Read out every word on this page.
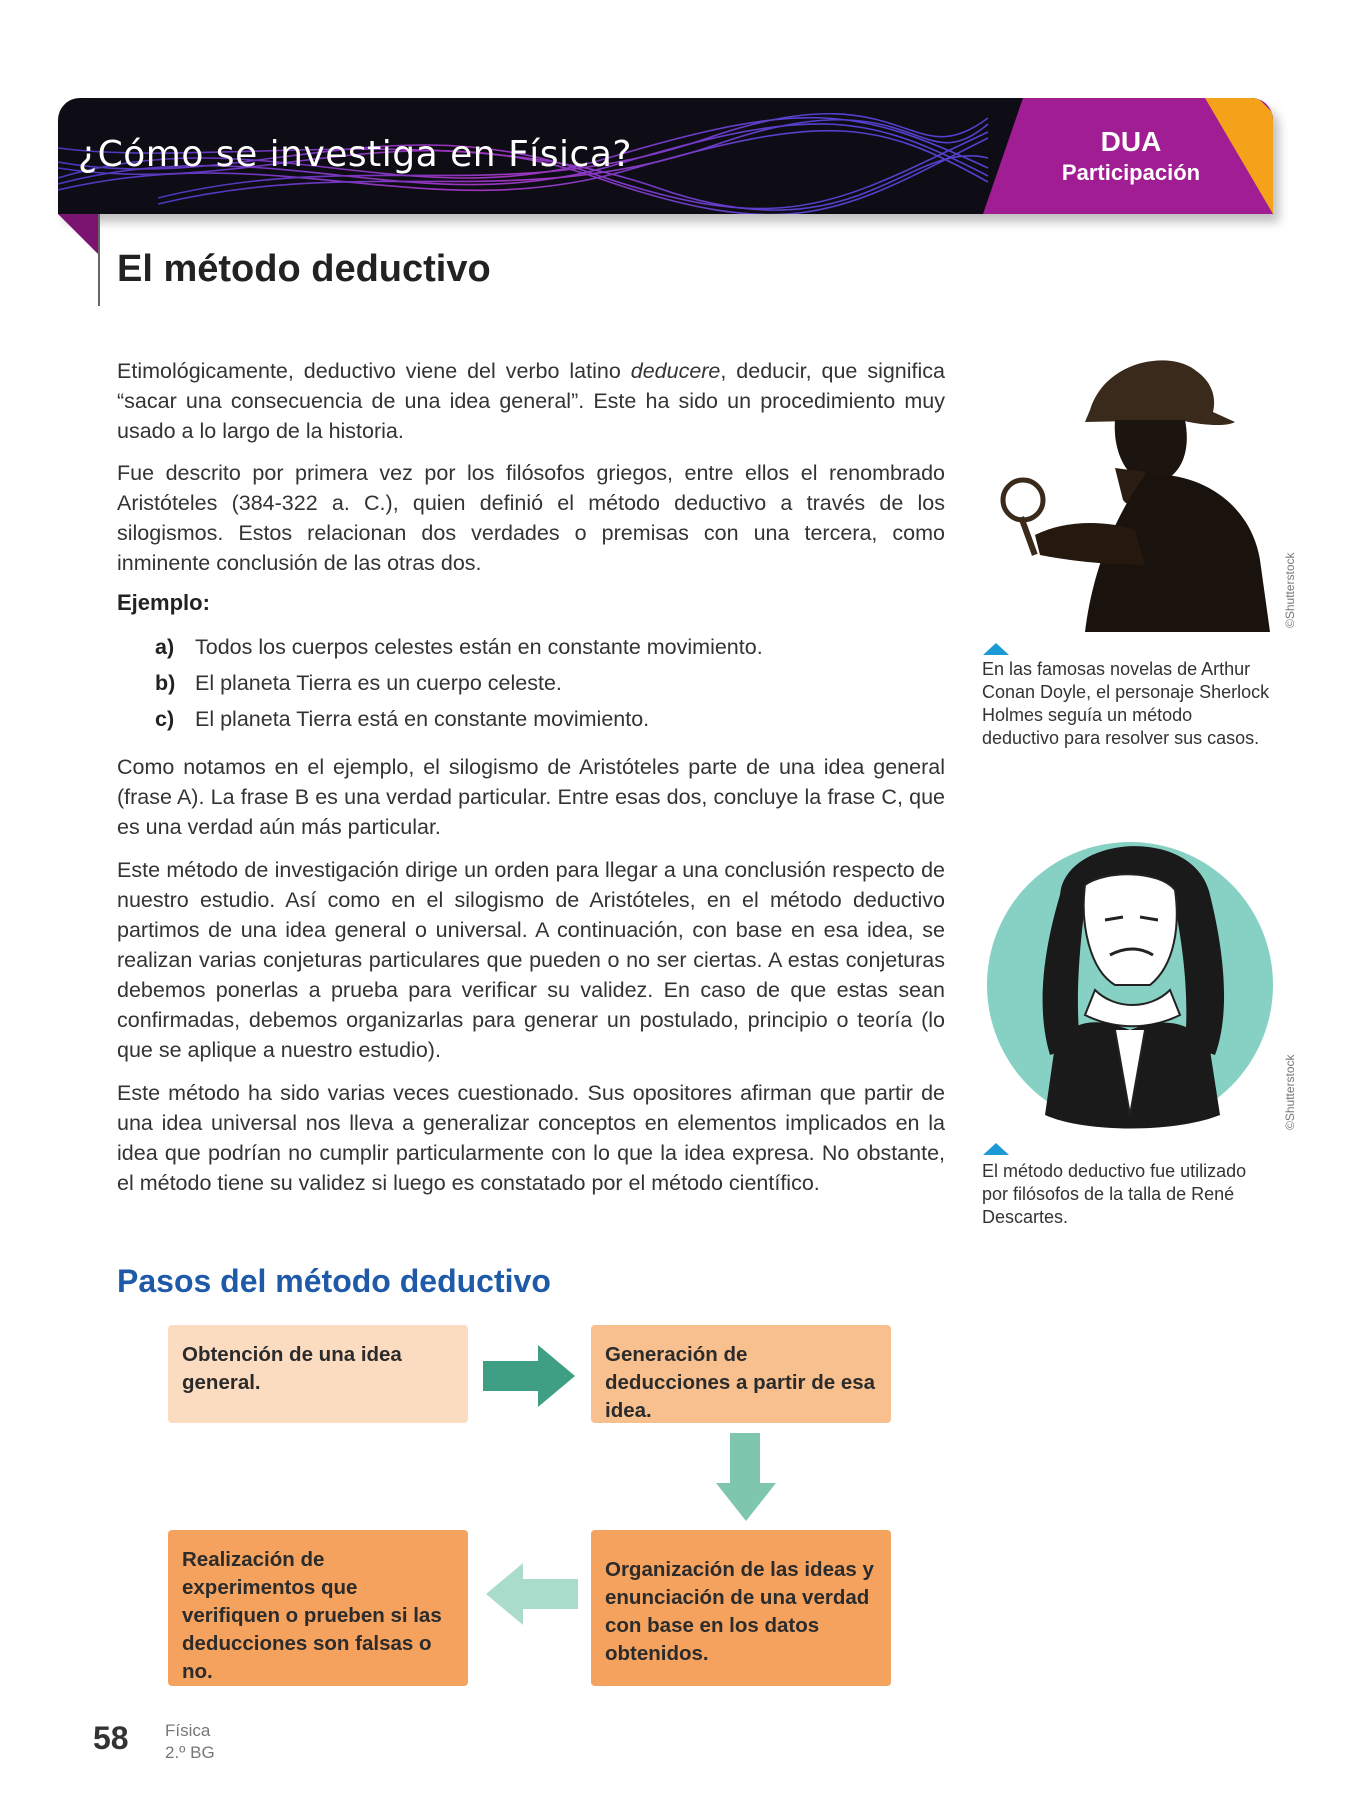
¿Cómo se investiga en Física?	DUA
Participación
El método deductivo
Etimológicamente, deductivo viene del verbo latino deducere, deducir, que significa “sacar una consecuencia de una idea general”. Este ha sido un procedimiento muy usado a lo largo de la historia.
Fue descrito por primera vez por los filósofos griegos, entre ellos el renombrado Aristóteles (384-322 a. C.), quien definió el método deductivo a través de los silogismos. Estos relacionan dos verdades o premisas con una tercera, como inminente conclusión de las otras dos.
Ejemplo:
a) Todos los cuerpos celestes están en constante movimiento.
b) El planeta Tierra es un cuerpo celeste.
c) El planeta Tierra está en constante movimiento.
Como notamos en el ejemplo, el silogismo de Aristóteles parte de una idea general (frase A). La frase B es una verdad particular. Entre esas dos, concluye la frase C, que es una verdad aún más particular.
Este método de investigación dirige un orden para llegar a una conclusión respecto de nuestro estudio. Así como en el silogismo de Aristóteles, en el método deductivo partimos de una idea general o universal. A continuación, con base en esa idea, se realizan varias conjeturas particulares que pueden o no ser ciertas. A estas conjeturas debemos ponerlas a prueba para verificar su validez. En caso de que estas sean confirmadas, debemos organizarlas para generar un postulado, principio o teoría (lo que se aplique a nuestro estudio).
Este método ha sido varias veces cuestionado. Sus opositores afirman que partir de una idea universal nos lleva a generalizar conceptos en elementos implicados en la idea que podrían no cumplir particularmente con lo que la idea expresa. No obstante, el método tiene su validez si luego es constatado por el método científico.
©Shutterstock
En las famosas novelas de Arthur Conan Doyle, el personaje Sherlock Holmes seguía un método deductivo para resolver sus casos.
©Shutterstock
El método deductivo fue utilizado por filósofos de la talla de René Descartes.
Pasos del método deductivo
Obtención de una idea general.
Generación de deducciones a partir de esa idea.
Organización de las ideas y enunciación de una verdad con base en los datos obtenidos.
Realización de experimentos que verifiquen o prueben si las deducciones son falsas o no.
58 Física
2.º BG
